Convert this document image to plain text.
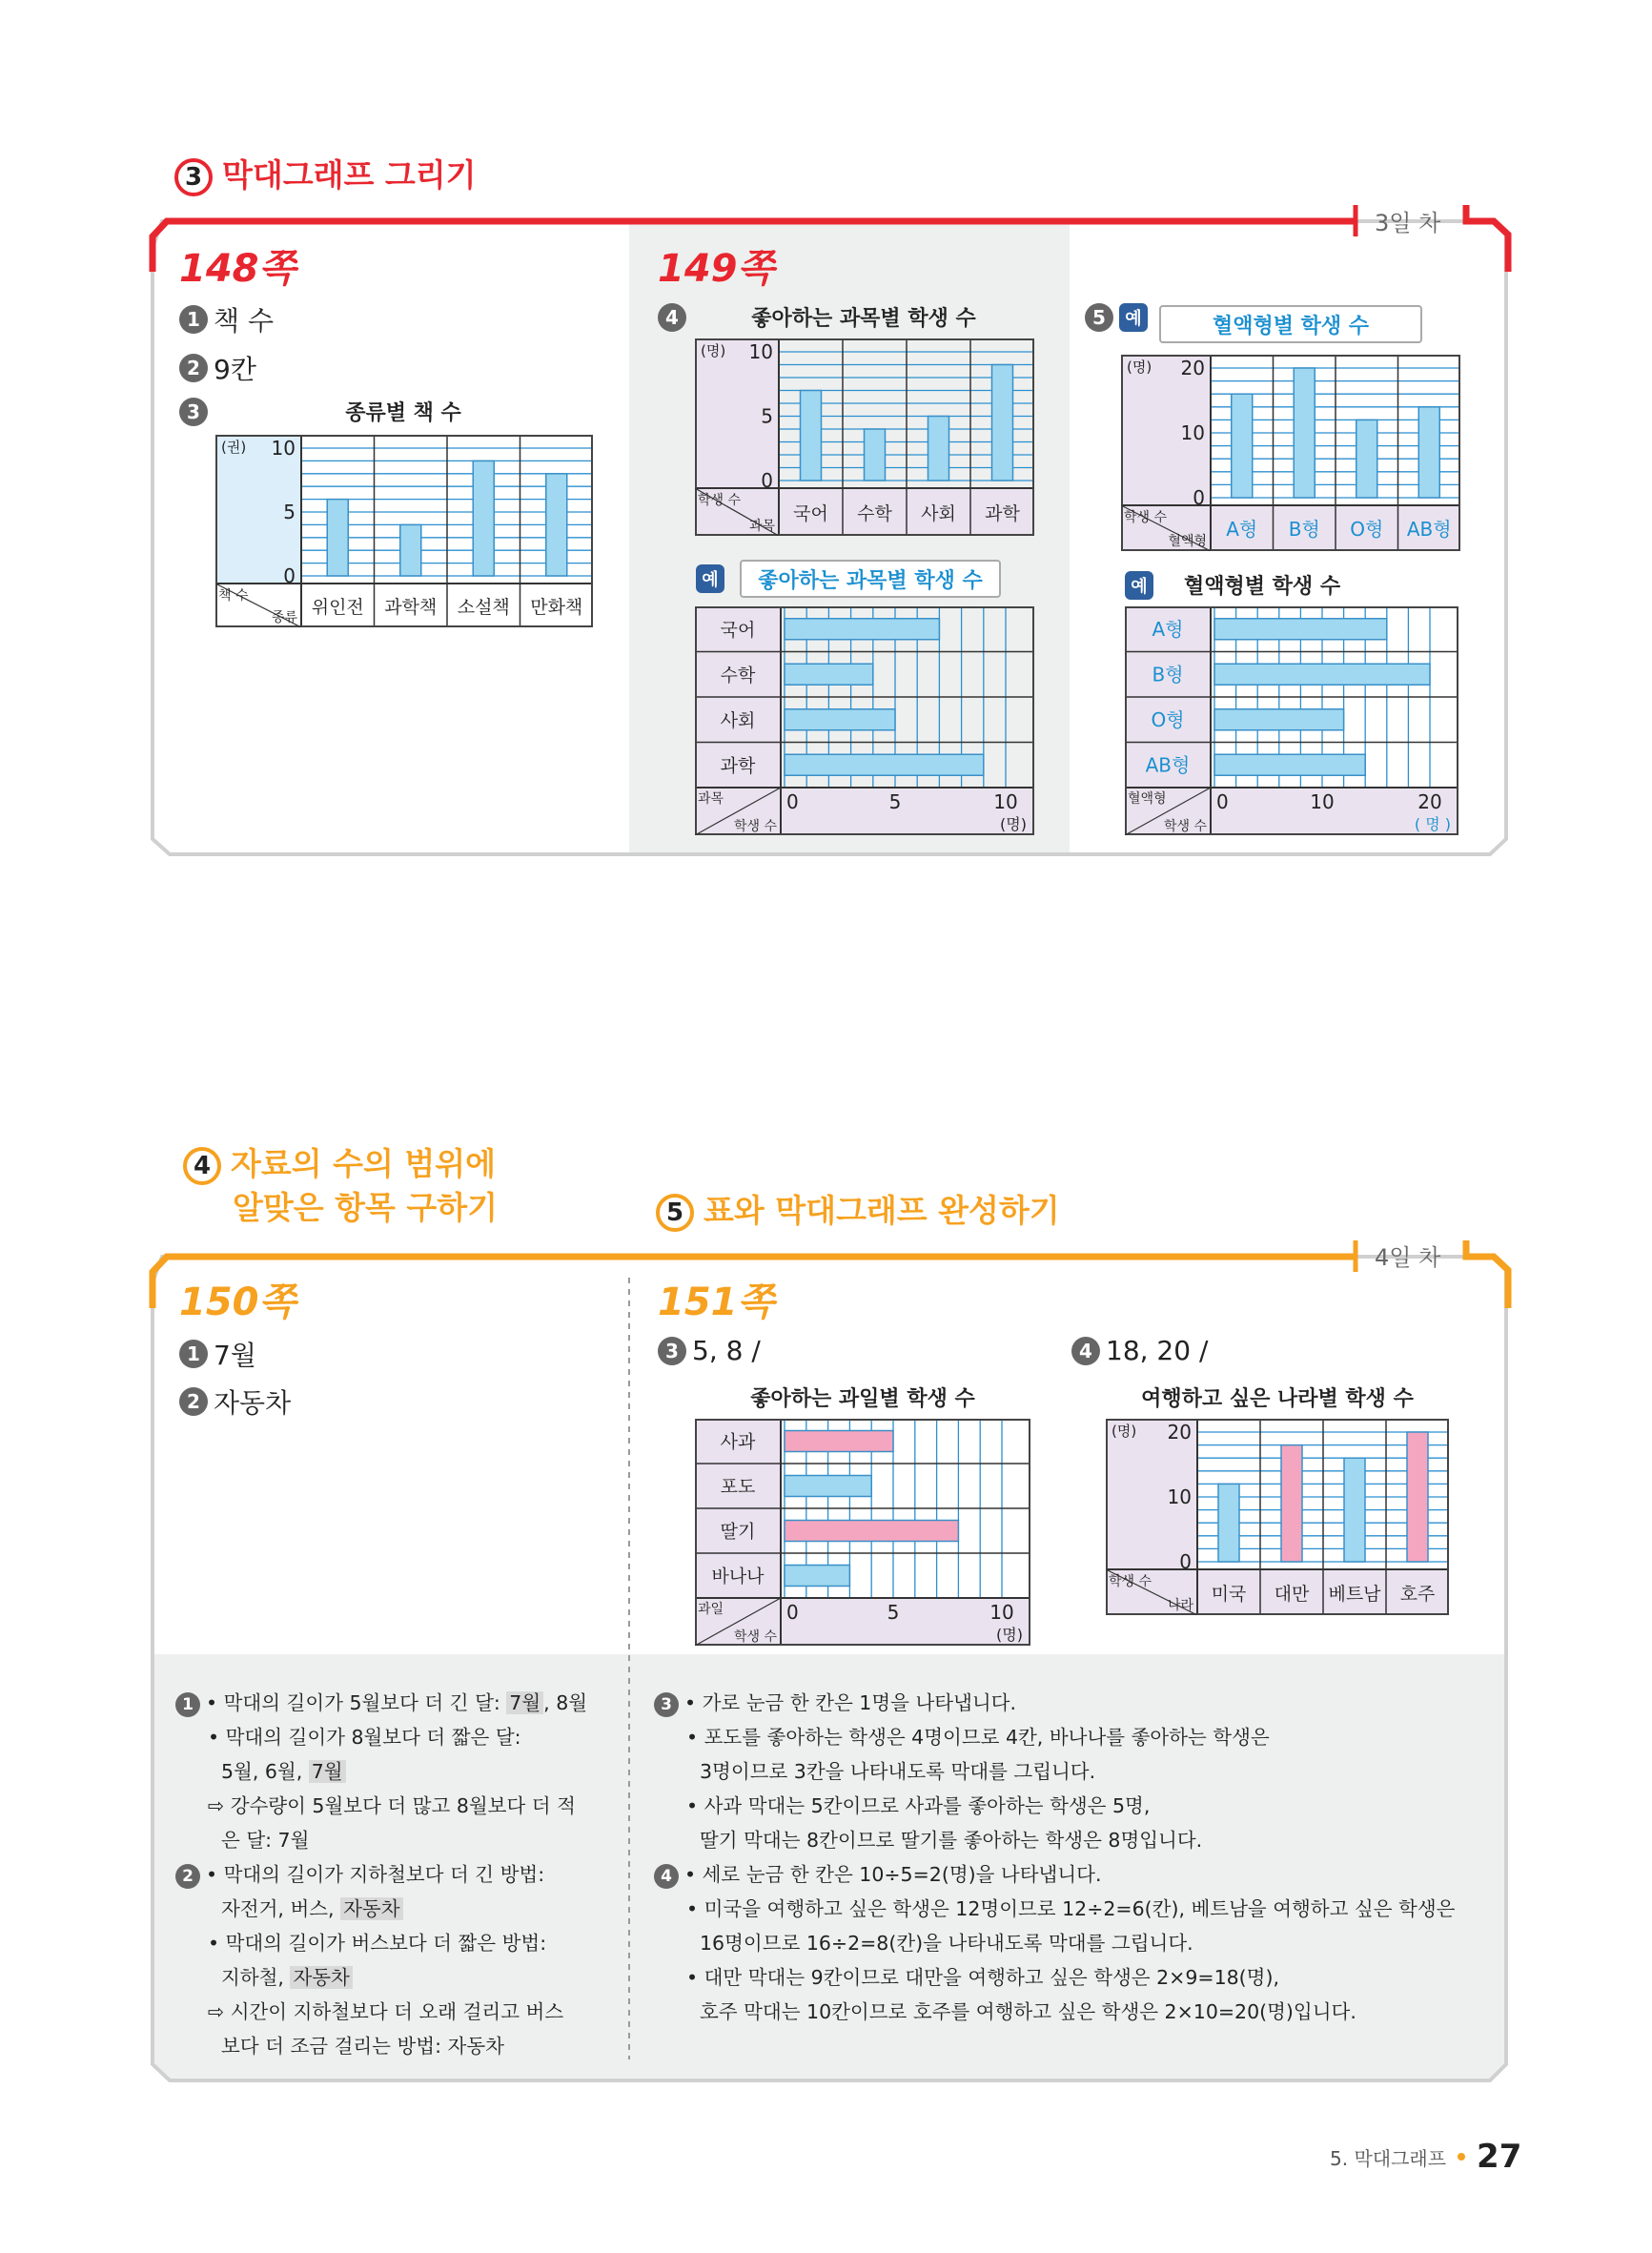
3 막대그래프 그리기
3일 차
148쪽
1 책 수
2 9칸
3	종류별 책 수
0
5
10
(권)
책 수
종류 위인전 과학책 소설책 만화책
149쪽
4	좋아하는 과목별 학생 수
0
5
10
(명)
학생 수
과목
국어 수학 사회 과학
예	좋아하는 과목별 학생 수
과목
학생 수
0	5	10
(명)
국어
수학
사회
과학
5	예	혈액형별 학생 수
0
10
20
(명)
학생 수
혈액형
A형 B형 O형 AB형
예 혈액형별 학생 수
혈액형
학생 수
0	10	20
( 명 )
A형
B형
O형
AB형
4 자료의 수의 범위에
알맞은 항목 구하기	5 표와 막대그래프 완성하기
4일 차
150쪽
1 7월
2 자동차
151쪽
3 5, 8 /	4 18, 20 /
좋아하는 과일별 학생 수
과일
학생 수
0	5	10
(명)
사과
포도
딸기
바나나
여행하고 싶은 나라별 학생 수
0
10
20
(명)
학생 수
나라
미국 대만 베트남 호주
1 • 막대의 길이가 5월보다 더 긴 달: 7월 , 8월
• 막대의 길이가 8월보다 더 짧은 달:
5월, 6월, 7월
⇨ 강수량이 5월보다 더 많고 8월보다 더 적
은 달: 7월
2 • 막대의 길이가 지하철보다 더 긴 방법:
자전거, 버스, 자동차
• 막대의 길이가 버스보다 더 짧은 방법:
지하철, 자동차
⇨ 시간이 지하철보다 더 오래 걸리고 버스
보다 더 조금 걸리는 방법: 자동차
3 • 가로 눈금 한 칸은 1명을 나타냅니다.
• 포도를 좋아하는 학생은 4명이므로 4칸, 바나나를 좋아하는 학생은
3명이므로 3칸을 나타내도록 막대를 그립니다.
• 사과 막대는 5칸이므로 사과를 좋아하는 학생은 5명,
딸기 막대는 8칸이므로 딸기를 좋아하는 학생은 8명입니다.
4 • 세로 눈금 한 칸은 10÷5=2(명)을 나타냅니다.
• 미국을 여행하고 싶은 학생은 12명이므로 12÷2=6(칸), 베트남을 여행하고 싶은 학생은
16명이므로 16÷2=8(칸)을 나타내도록 막대를 그립니다.
• 대만 막대는 9칸이므로 대만을 여행하고 싶은 학생은 2×9=18(명),
호주 막대는 10칸이므로 호주를 여행하고 싶은 학생은 2×10=20(명)입니다.
5. 막대그래프 27
